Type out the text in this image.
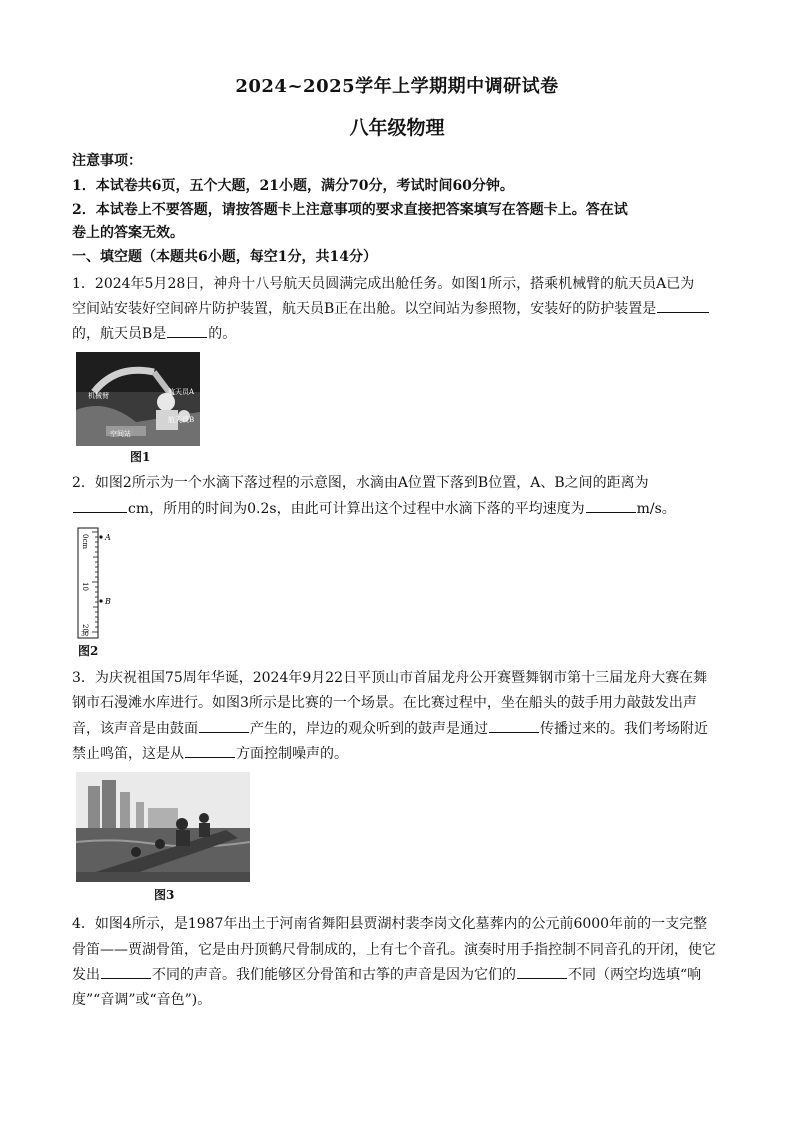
2024~2025学年上学期期中调研试卷
八年级物理
注意事项：
1．本试卷共6页，五个大题，21小题，满分70分，考试时间60分钟。
2．本试卷上不要答题，请按答题卡上注意事项的要求直接把答案填写在答题卡上。答在试
卷上的答案无效。
一、填空题（本题共6小题，每空1分，共14分）
1．2024年5月28日，神舟十八号航天员圆满完成出舱任务。如图1所示，搭乘机械臂的航天员A已为
空间站安装好空间碎片防护装置，航天员B正在出舱。以空间站为参照物，安装好的防护装置是
的，航天员B是	的。
机械臂	航天员A
航天员B
空间站
图1
2．如图2所示为一个水滴下落过程的示意图，水滴由A位置下落到B位置，A、B之间的距离为
cm，所用的时间为0.2s，由此可计算出这个过程中水滴下落的平均速度为	m/s。
0cm
10
20
30
A
B
图2
3．为庆祝祖国75周年华诞，2024年9月22日平顶山市首届龙舟公开赛暨舞钢市第十三届龙舟大赛在舞
钢市石漫滩水库进行。如图3所示是比赛的一个场景。在比赛过程中，坐在船头的鼓手用力敲鼓发出声
音，该声音是由鼓面	产生的，岸边的观众听到的鼓声是通过	传播过来的。我们考场附近
禁止鸣笛，这是从	方面控制噪声的。
图3
4．如图4所示，是1987年出土于河南省舞阳县贾湖村裴李岗文化墓葬内的公元前6000年前的一支完整
骨笛——贾湖骨笛，它是由丹顶鹤尺骨制成的，上有七个音孔。演奏时用手指控制不同音孔的开闭，使它
发出	不同的声音。我们能够区分骨笛和古筝的声音是因为它们的	不同（两空均选填“响
度”“音调”或“音色”)。
